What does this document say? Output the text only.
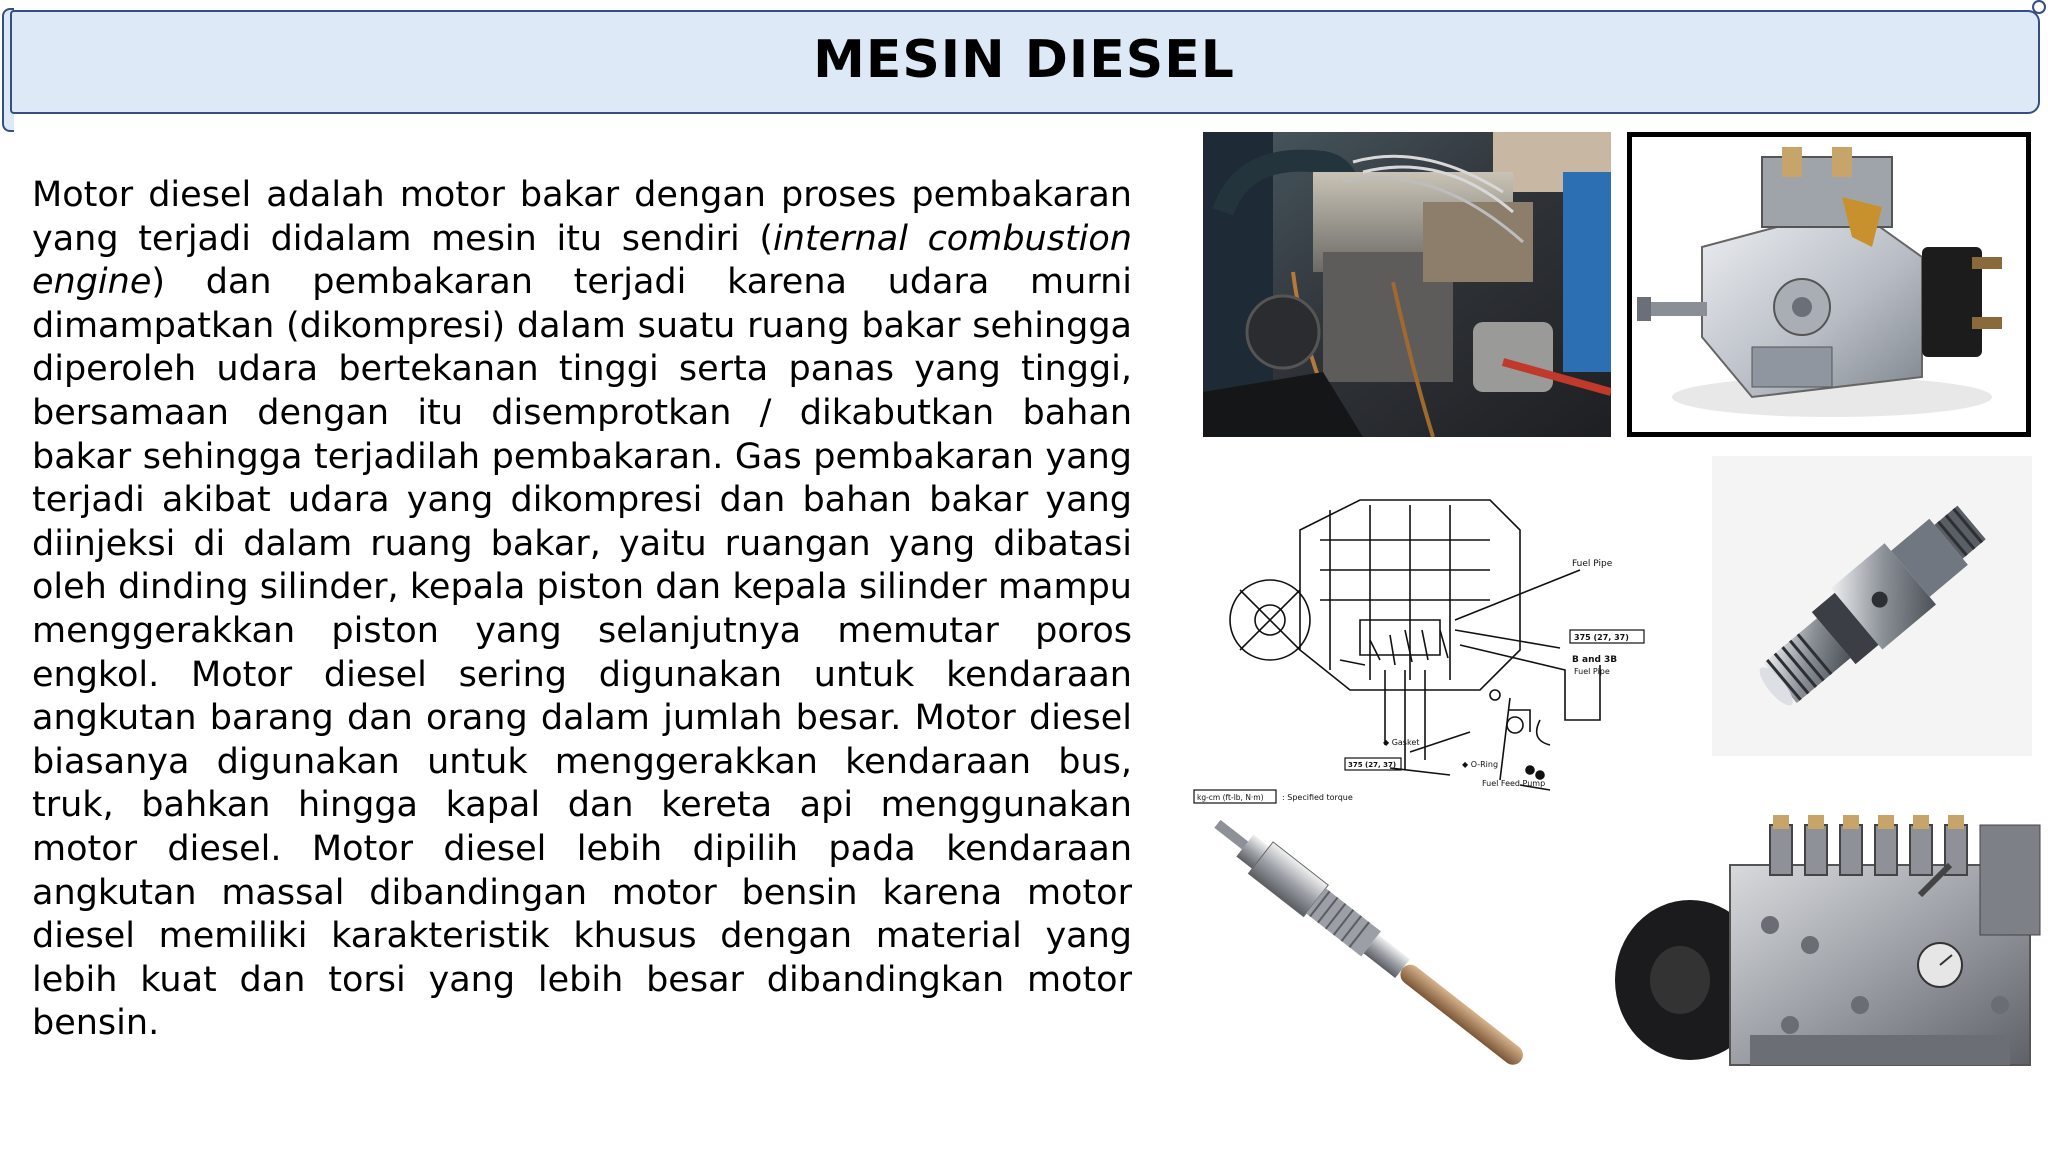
MESIN DIESEL

Motor diesel adalah motor bakar dengan proses pembakaran yang terjadi didalam mesin itu sendiri (internal combustion engine) dan pembakaran terjadi karena udara murni dimampatkan (dikompresi) dalam suatu ruang bakar sehingga diperoleh udara bertekanan tinggi serta panas yang tinggi, bersamaan dengan itu disemprotkan / dikabutkan bahan bakar sehingga terjadilah pembakaran. Gas pembakaran yang terjadi akibat udara yang dikompresi dan bahan bakar yang diinjeksi di dalam ruang bakar, yaitu ruangan yang dibatasi oleh dinding silinder, kepala piston dan kepala silinder mampu menggerakkan piston yang selanjutnya memutar poros engkol. Motor diesel sering digunakan untuk kendaraan angkutan barang dan orang dalam jumlah besar. Motor diesel biasanya digunakan untuk menggerakkan kendaraan bus, truk, bahkan hingga kapal dan kereta api menggunakan motor diesel. Motor diesel lebih dipilih pada kendaraan angkutan massal dibandingan motor bensin karena motor diesel memiliki karakteristik khusus dengan material yang lebih kuat dan torsi yang lebih besar dibandingkan motor bensin.

Fuel Pipe
375 (27, 37)
B and 3B
Fuel Pipe
◆ Gasket
◆ O-Ring
375 (27, 37)
Fuel Feed Pump
kg-cm (ft-lb, N·m) : Specified torque
